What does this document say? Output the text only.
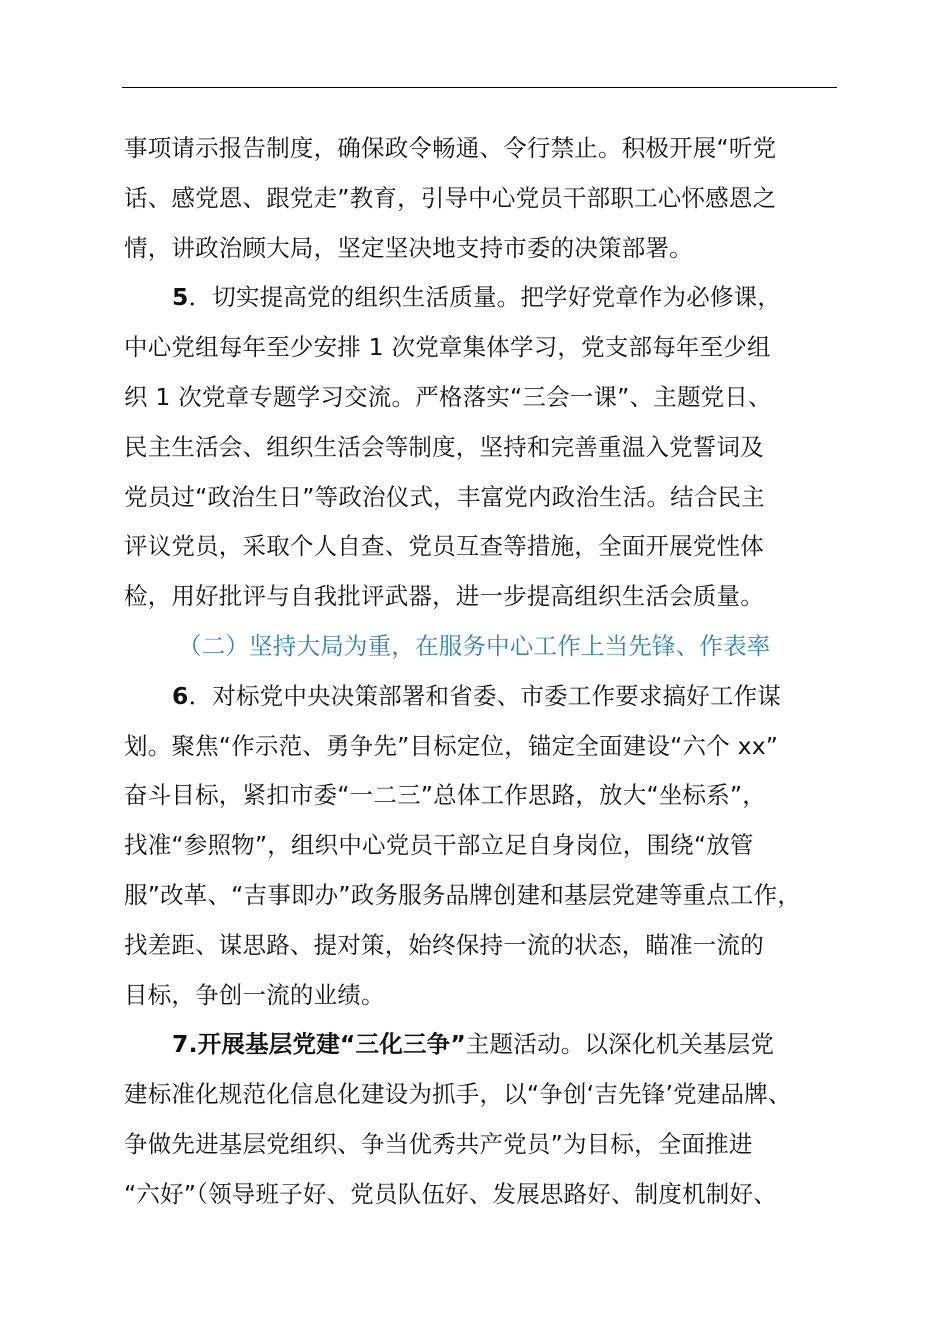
事项请示报告制度，确保政令畅通、令行禁止。积极开展“听党
话、感党恩、跟党走”教育，引导中心党员干部职工心怀感恩之
情，讲政治顾大局，坚定坚决地支持市委的决策部署。
5．切实提高党的组织生活质量。把学好党章作为必修课，
中心党组每年至少安排 1 次党章集体学习，党支部每年至少组
织 1 次党章专题学习交流。严格落实“三会一课”、主题党日、
民主生活会、组织生活会等制度，坚持和完善重温入党誓词及
党员过“政治生日”等政治仪式，丰富党内政治生活。结合民主
评议党员，采取个人自查、党员互查等措施，全面开展党性体
检，用好批评与自我批评武器，进一步提高组织生活会质量。
（二）坚持大局为重，在服务中心工作上当先锋、作表率
6．对标党中央决策部署和省委、市委工作要求搞好工作谋
划。聚焦“作示范、勇争先”目标定位，锚定全面建设“六个 xx”
奋斗目标，紧扣市委“一二三”总体工作思路，放大“坐标系”，
找准“参照物”，组织中心党员干部立足自身岗位，围绕“放管
服”改革、“吉事即办”政务服务品牌创建和基层党建等重点工作，
找差距、谋思路、提对策，始终保持一流的状态，瞄准一流的
目标，争创一流的业绩。
7.开展基层党建“三化三争”主题活动。以深化机关基层党
建标准化规范化信息化建设为抓手，以“争创‘吉先锋’党建品牌、
争做先进基层党组织、争当优秀共产党员”为目标，全面推进
“六好”（领导班子好、党员队伍好、发展思路好、制度机制好、
